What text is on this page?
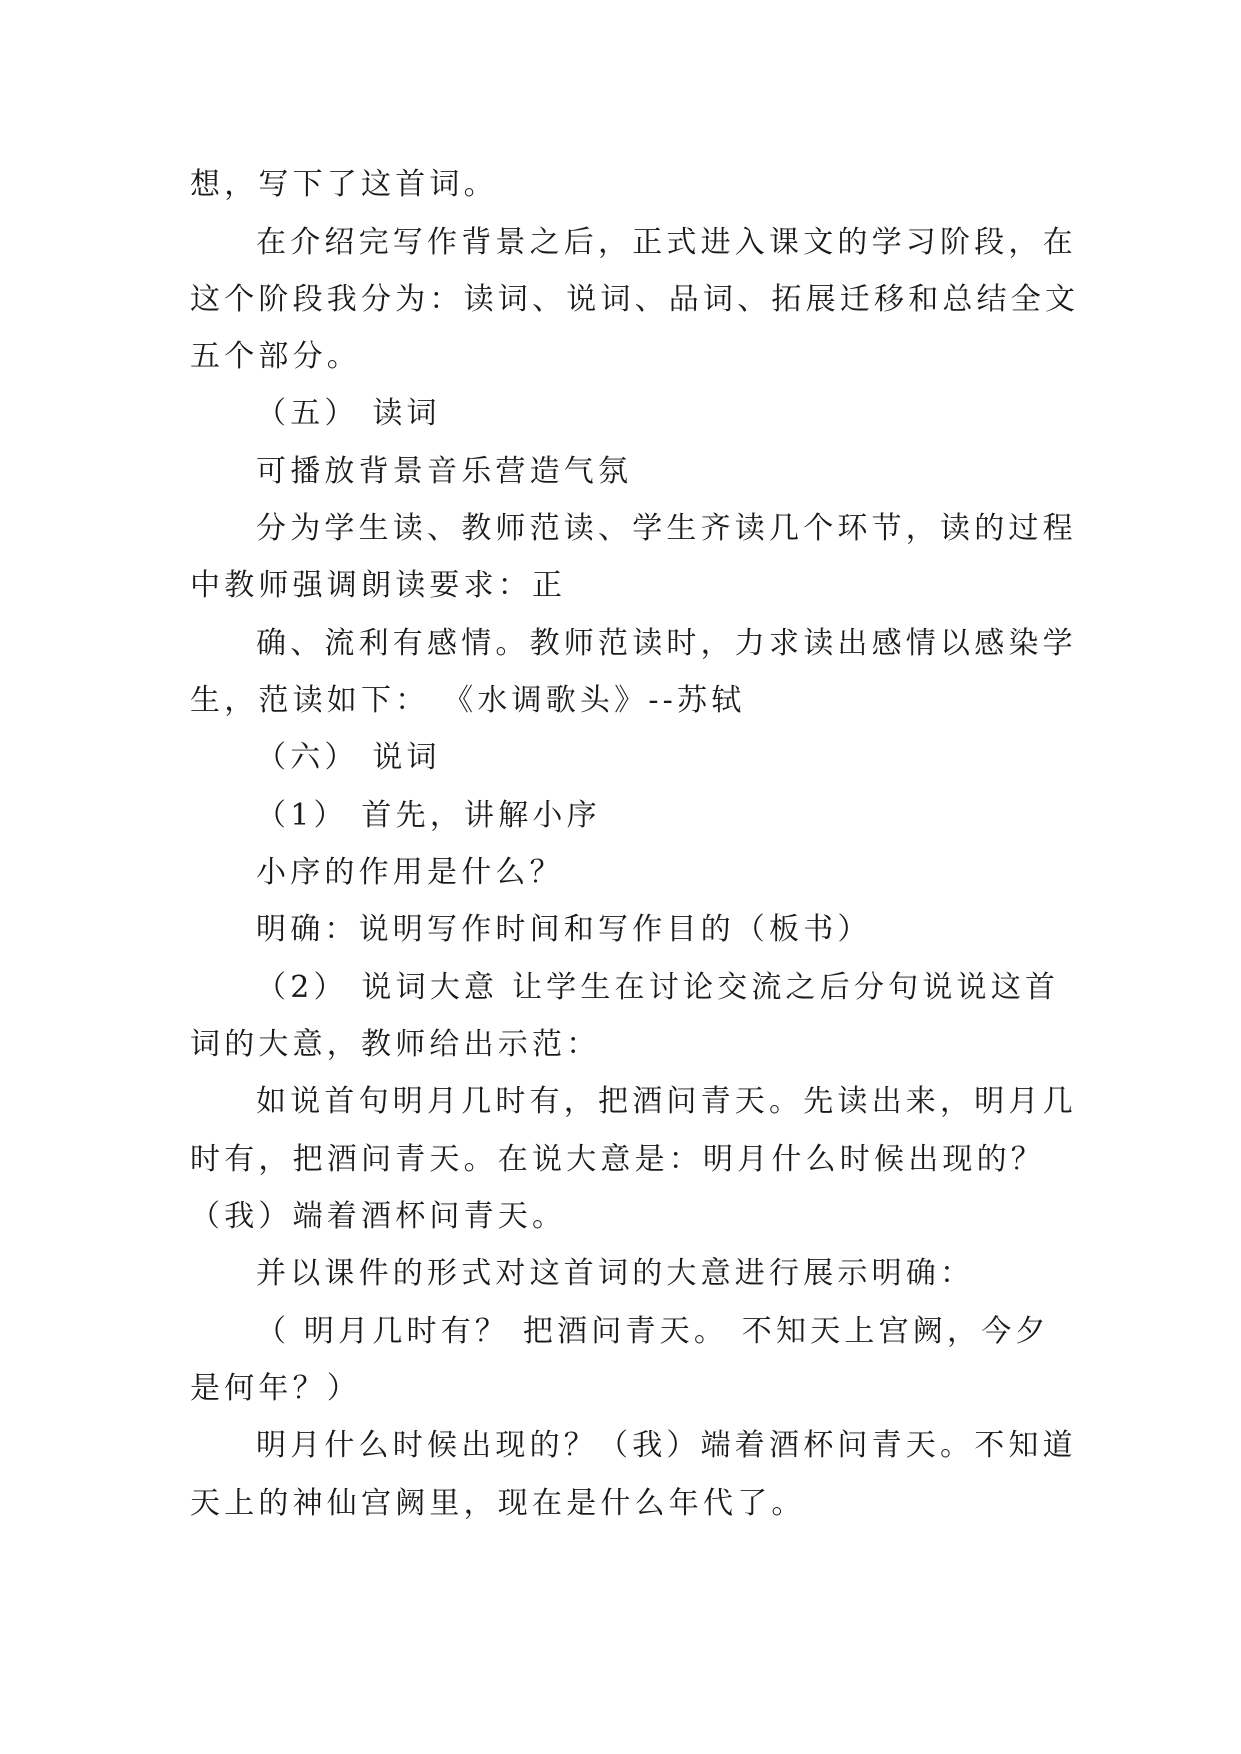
想，写下了这首词。
在介绍完写作背景之后，正式进入课文的学习阶段，在
这个阶段我分为：读词、说词、品词、拓展迁移和总结全文
五个部分。
（五） 读词
可播放背景音乐营造气氛
分为学生读、教师范读、学生齐读几个环节，读的过程
中教师强调朗读要求：正
确、流利有感情。教师范读时，力求读出感情以感染学
生，范读如下： 《水调歌头》--苏轼
（六） 说词
（1） 首先，讲解小序
小序的作用是什么？
明确：说明写作时间和写作目的（板书）
（2） 说词大意 让学生在讨论交流之后分句说说这首
词的大意，教师给出示范：
如说首句明月几时有，把酒问青天。先读出来，明月几
时有，把酒问青天。在说大意是：明月什么时候出现的？
（我）端着酒杯问青天。
并以课件的形式对这首词的大意进行展示明确：
（ 明月几时有？ 把酒问青天。 不知天上宫阙，今夕
是何年？）
明月什么时候出现的？（我）端着酒杯问青天。不知道
天上的神仙宫阙里，现在是什么年代了。
